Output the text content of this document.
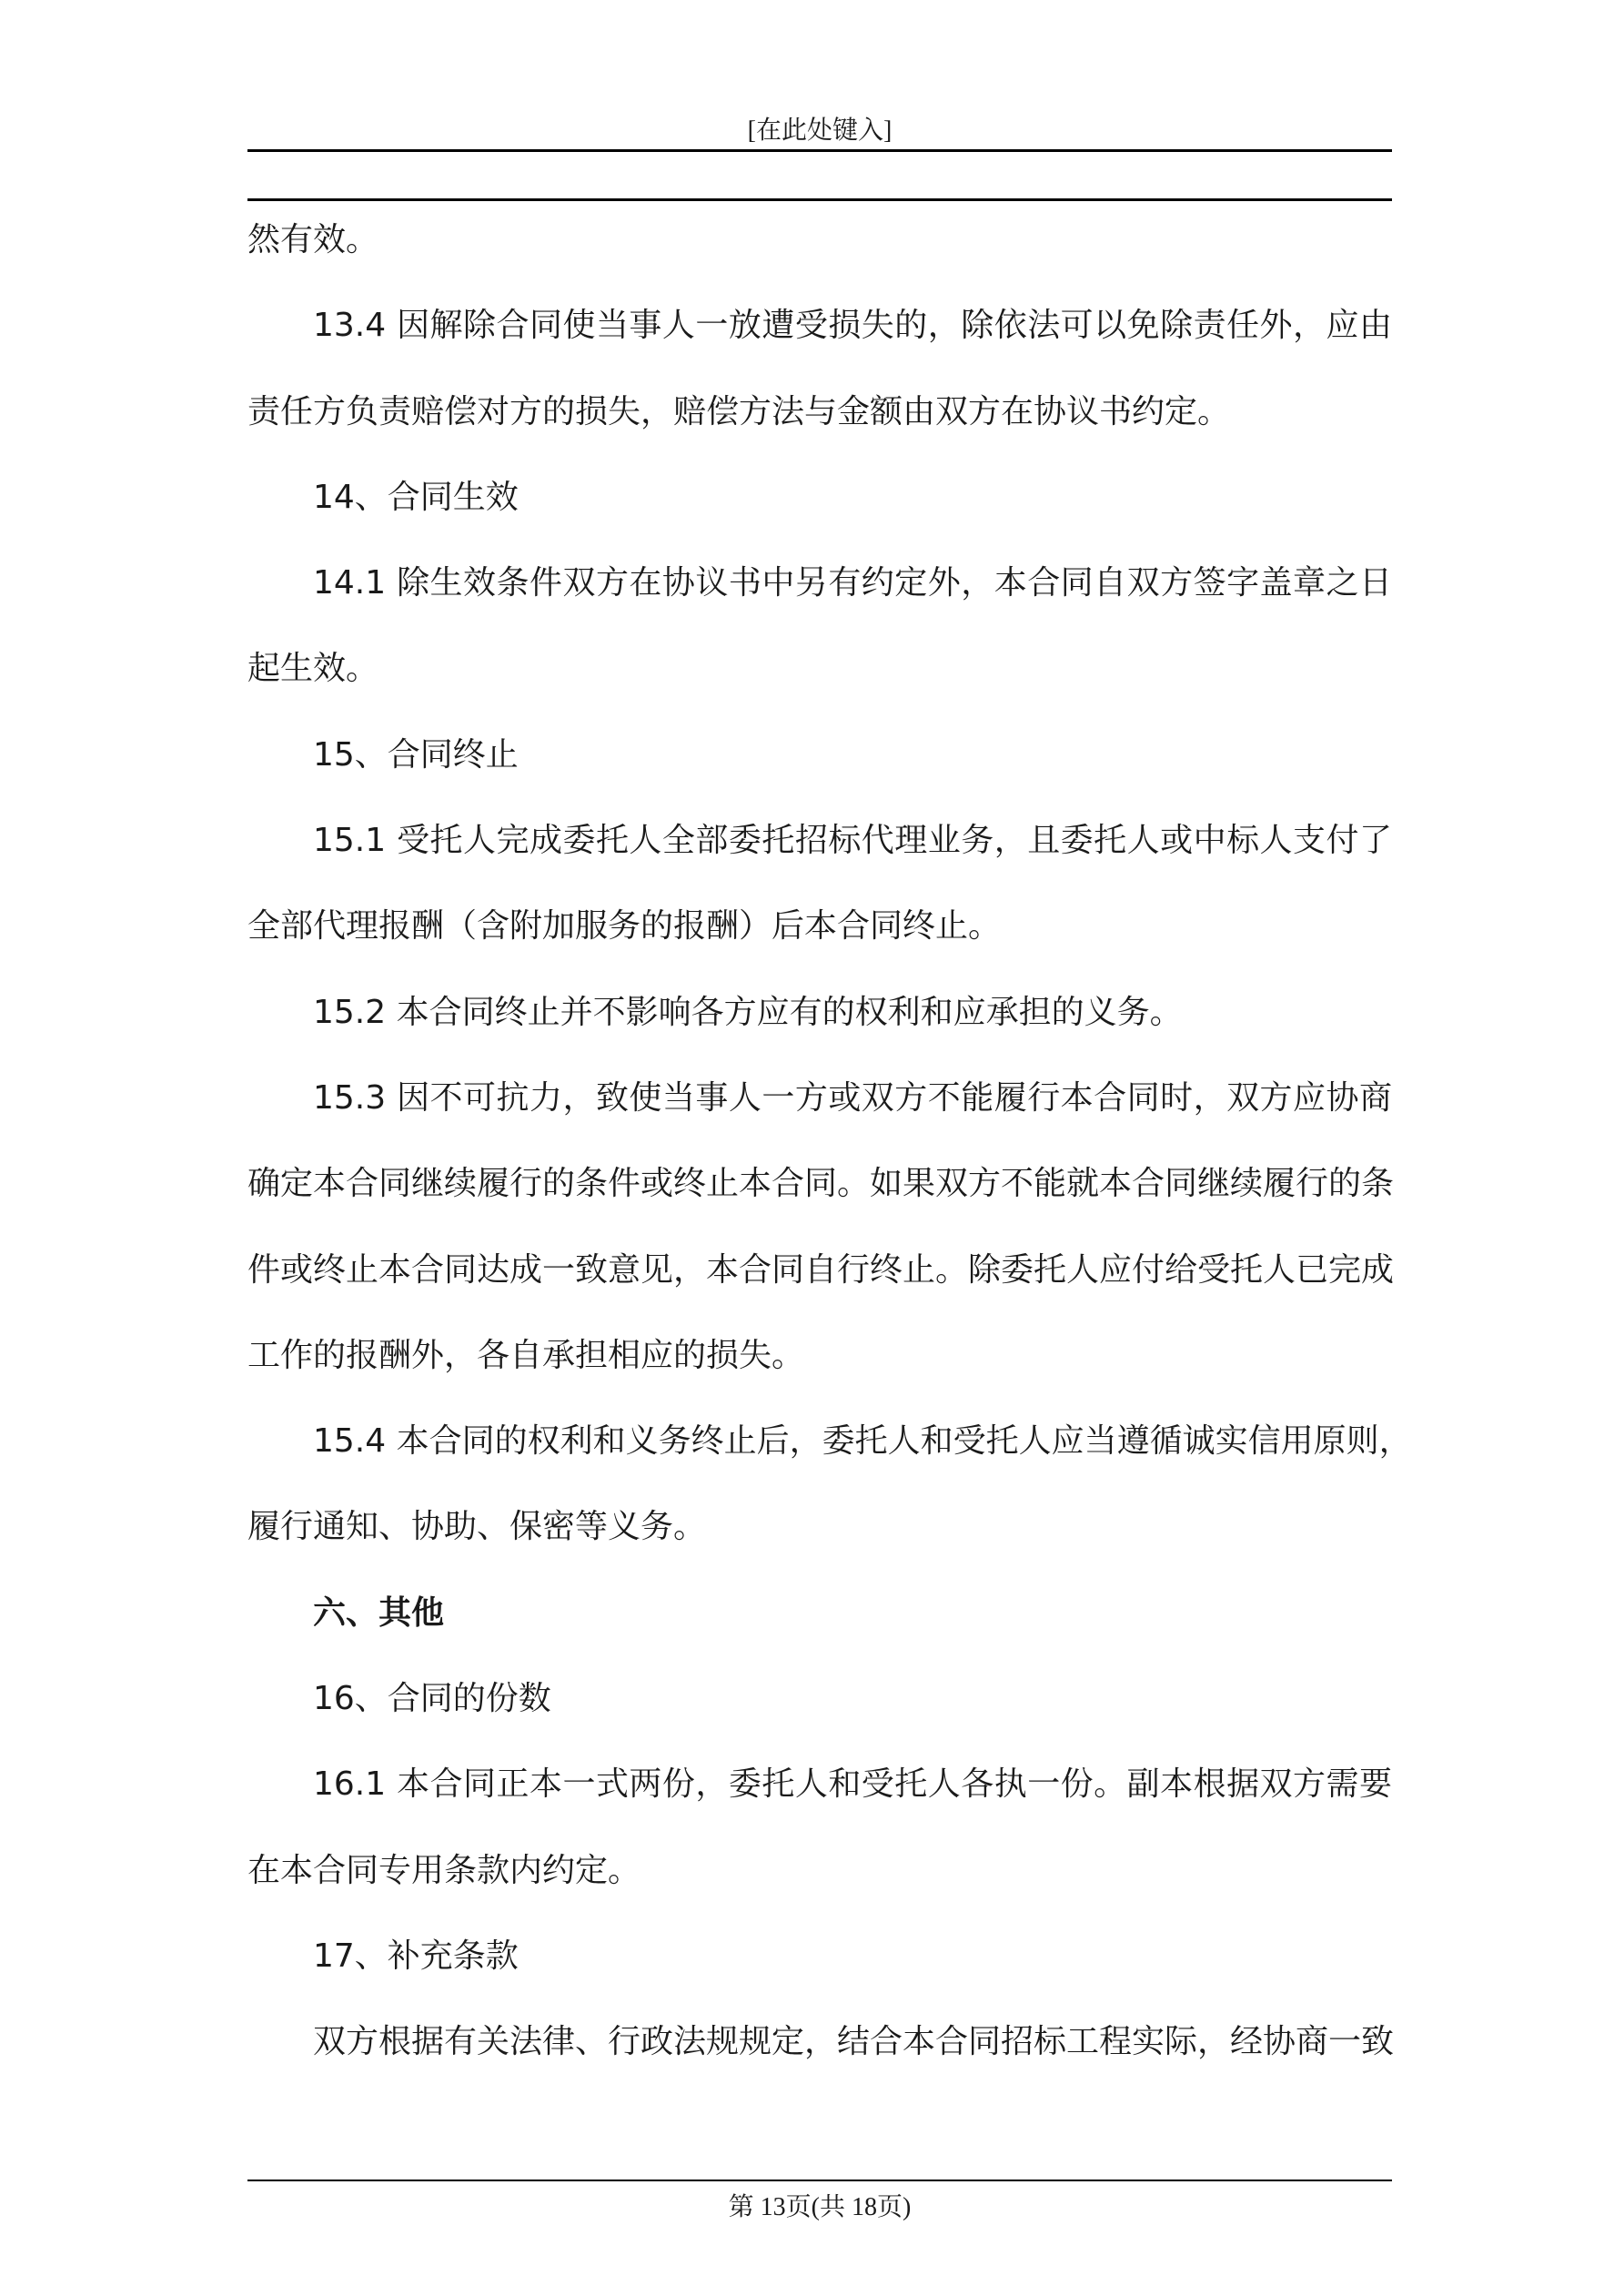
[在此处键入]
然有效。
13.4 因解除合同使当事人一放遭受损失的，除依法可以免除责任外，应由
责任方负责赔偿对方的损失，赔偿方法与金额由双方在协议书约定。
14、合同生效
14.1 除生效条件双方在协议书中另有约定外，本合同自双方签字盖章之日
起生效。
15、合同终止
15.1 受托人完成委托人全部委托招标代理业务，且委托人或中标人支付了
全部代理报酬（含附加服务的报酬）后本合同终止。
15.2 本合同终止并不影响各方应有的权利和应承担的义务。
15.3 因不可抗力，致使当事人一方或双方不能履行本合同时，双方应协商
确定本合同继续履行的条件或终止本合同。如果双方不能就本合同继续履行的条
件或终止本合同达成一致意见，本合同自行终止。除委托人应付给受托人已完成
工作的报酬外，各自承担相应的损失。
15.4 本合同的权利和义务终止后，委托人和受托人应当遵循诚实信用原则，
履行通知、协助、保密等义务。
六、其他
16、合同的份数
16.1 本合同正本一式两份，委托人和受托人各执一份。副本根据双方需要
在本合同专用条款内约定。
17、补充条款
双方根据有关法律、行政法规规定，结合本合同招标工程实际，经协商一致
第 13页(共 18页)
